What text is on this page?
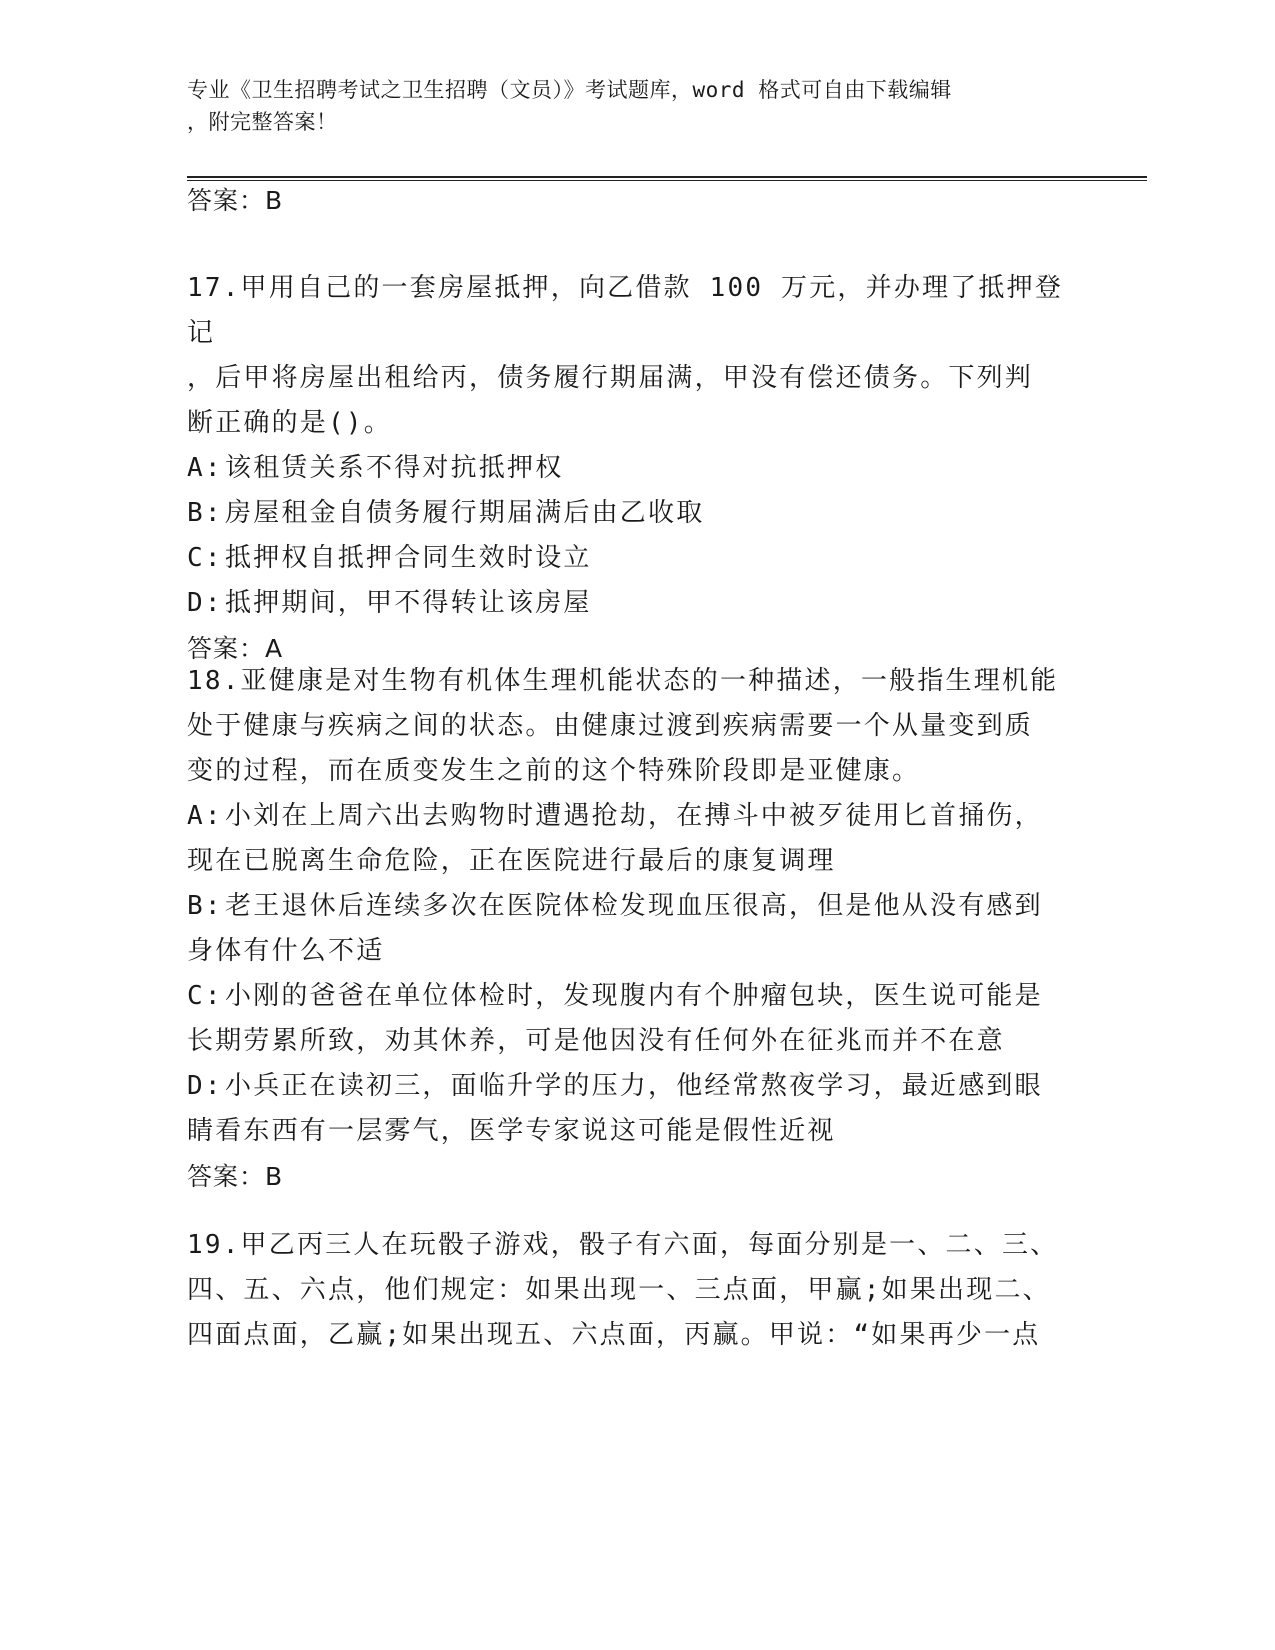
专业《卫生招聘考试之卫生招聘（文员）》考试题库，word 格式可自由下载编辑
，附完整答案！
答案：B
17.甲用自己的一套房屋抵押，向乙借款 100 万元，并办理了抵押登记
，后甲将房屋出租给丙，债务履行期届满，甲没有偿还债务。下列判
断正确的是()。
A:该租赁关系不得对抗抵押权
B:房屋租金自债务履行期届满后由乙收取
C:抵押权自抵押合同生效时设立
D:抵押期间，甲不得转让该房屋
答案：A
18.亚健康是对生物有机体生理机能状态的一种描述，一般指生理机能
处于健康与疾病之间的状态。由健康过渡到疾病需要一个从量变到质
变的过程，而在质变发生之前的这个特殊阶段即是亚健康。
A:小刘在上周六出去购物时遭遇抢劫，在搏斗中被歹徒用匕首捅伤，
现在已脱离生命危险，正在医院进行最后的康复调理
B:老王退休后连续多次在医院体检发现血压很高，但是他从没有感到
身体有什么不适
C:小刚的爸爸在单位体检时，发现腹内有个肿瘤包块，医生说可能是
长期劳累所致，劝其休养，可是他因没有任何外在征兆而并不在意
D:小兵正在读初三，面临升学的压力，他经常熬夜学习，最近感到眼
睛看东西有一层雾气，医学专家说这可能是假性近视
答案：B
19.甲乙丙三人在玩骰子游戏，骰子有六面，每面分别是一、二、三、
四、五、六点，他们规定：如果出现一、三点面，甲赢;如果出现二、
四面点面，乙赢;如果出现五、六点面，丙赢。甲说：“如果再少一点
